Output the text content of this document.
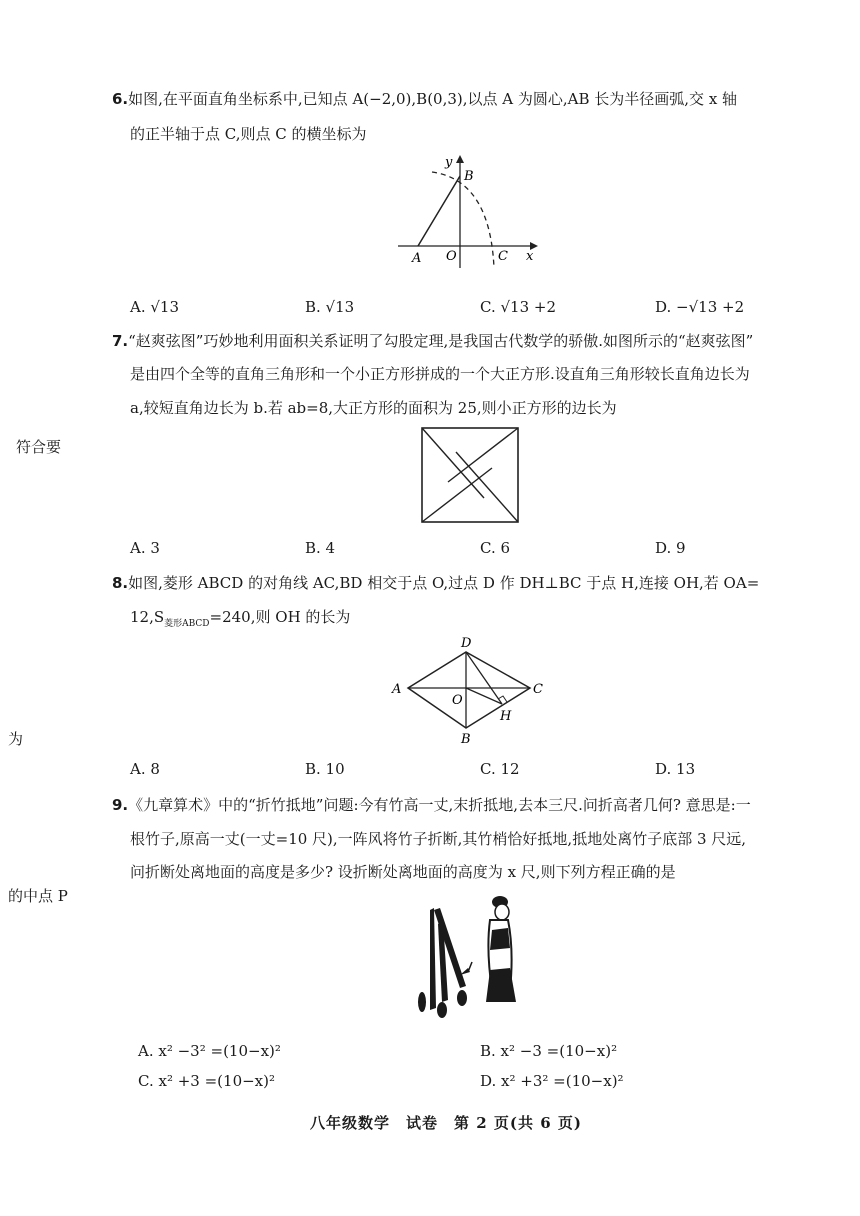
符合要
为
的中点 P
6.如图,在平面直角坐标系中,已知点 A(−2,0),B(0,3),以点 A 为圆心,AB 长为半径画弧,交 x 轴
的正半轴于点 C,则点 C 的横坐标为
y
B
A O	C x
A. √13	B. √13	C. √13 +2	D. −√13 +2
7.“赵爽弦图”巧妙地利用面积关系证明了勾股定理,是我国古代数学的骄傲.如图所示的“赵爽弦图”
是由四个全等的直角三角形和一个小正方形拼成的一个大正方形.设直角三角形较长直角边长为
a,较短直角边长为 b.若 ab=8,大正方形的面积为 25,则小正方形的边长为
A. 3	B. 4	C. 6	D. 9
8.如图,菱形 ABCD 的对角线 AC,BD 相交于点 O,过点 D 作 DH⊥BC 于点 H,连接 OH,若 OA=
$12,S_{菱形ABCD}=240$,则 OH 的长为
A
D
C
B
O
H
A. 8	B. 10	C. 12	D. 13
9.《九章算术》中的“折竹抵地”问题:今有竹高一丈,末折抵地,去本三尺.问折高者几何? 意思是:一
根竹子,原高一丈(一丈=10 尺),一阵风将竹子折断,其竹梢恰好抵地,抵地处离竹子底部 3 尺远,
问折断处离地面的高度是多少? 设折断处离地面的高度为 x 尺,则下列方程正确的是
A. x² −3² =(10−x)²	B. x² −3 =(10−x)²
C. x² +3 =(10−x)²	D. x² +3² =(10−x)²
八年级数学　试卷　第 2 页(共 6 页)
